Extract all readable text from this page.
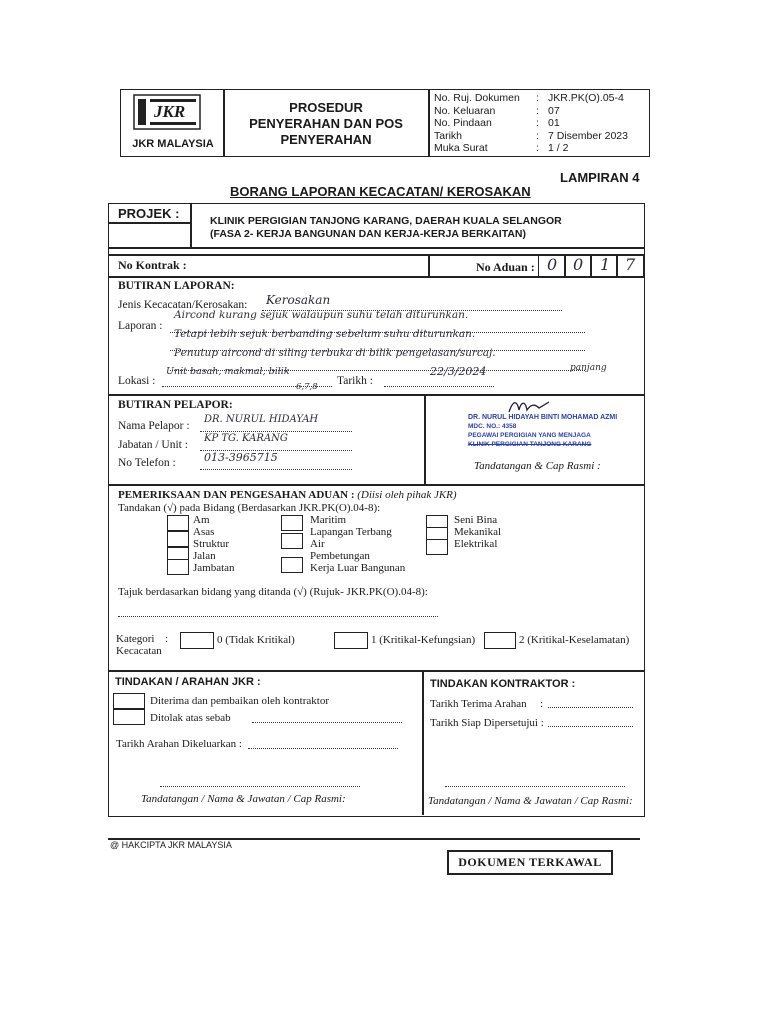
JKR
JKR MALAYSIA
PROSEDUR
PENYERAHAN DAN POS
PENYERAHAN
No. Ruj. Dokumen : JKR.PK(O).05-4
No. Keluaran	: 07
No. Pindaan	: 01
Tarikh	: 7 Disember 2023
Muka Surat	: 1 / 2
LAMPIRAN 4
BORANG LAPORAN KECACATAN/ KEROSAKAN
PROJEK :	KLINIK PERGIGIAN TANJONG KARANG, DAERAH KUALA SELANGOR
(FASA 2- KERJA BANGUNAN DAN KERJA-KERJA BERKAITAN)
No Kontrak :	No Aduan : 0 0 1 7
BUTIRAN LAPORAN:
Jenis Kecacatan/Kerosakan: Kerosakan
Laporan :
Aircond kurang sejuk walaupun suhu telah diturunkan.
Tetapi lebih sejuk berbanding sebelum suhu diturunkan.
Penutup aircond di siling terbuka di bilik pengelasan/surcaj.
panjang
Lokasi :
Unit basah, makmal, bilik
6,7,8 Tarikh :
22/3/2024
BUTIRAN PELAPOR:
Nama Pelapor :
DR. NURUL HIDAYAH
Jabatan / Unit :
KP TG. KARANG
No Telefon :	013-3965715
DR. NURUL HIDAYAH BINTI MOHAMAD AZMI
MDC. NO.: 4358
PEGAWAI PERGIGIAN YANG MENJAGA
KLINIK PERGIGIAN TANJONG KARANG
Tandatangan & Cap Rasmi :
PEMERIKSAAN DAN PENGESAHAN ADUAN : (Diisi oleh pihak JKR)
Tandakan (√) pada Bidang (Berdasarkan JKR.PK(O).04-8):
Am
Asas
Struktur
Jalan
Jambatan
Maritim
Lapangan Terbang
Air
Pembetungan
Kerja Luar Bangunan
Seni Bina
Mekanikal
Elektrikal
Tajuk berdasarkan bidang yang ditanda (√) (Rujuk- JKR.PK(O).04-8):
Kategori
Kecacatan
:	0 (Tidak Kritikal)	1 (Kritikal-Kefungsian)	2 (Kritikal-Keselamatan)
TINDAKAN / ARAHAN JKR :
Diterima dan pembaikan oleh kontraktor
Ditolak atas sebab
Tarikh Arahan Dikeluarkan :
Tandatangan / Nama & Jawatan / Cap Rasmi:
TINDAKAN KONTRAKTOR :
Tarikh Terima Arahan :
Tarikh Siap Dipersetujui :
Tandatangan / Nama & Jawatan / Cap Rasmi:
@ HAKCIPTA JKR MALAYSIA
DOKUMEN TERKAWAL
